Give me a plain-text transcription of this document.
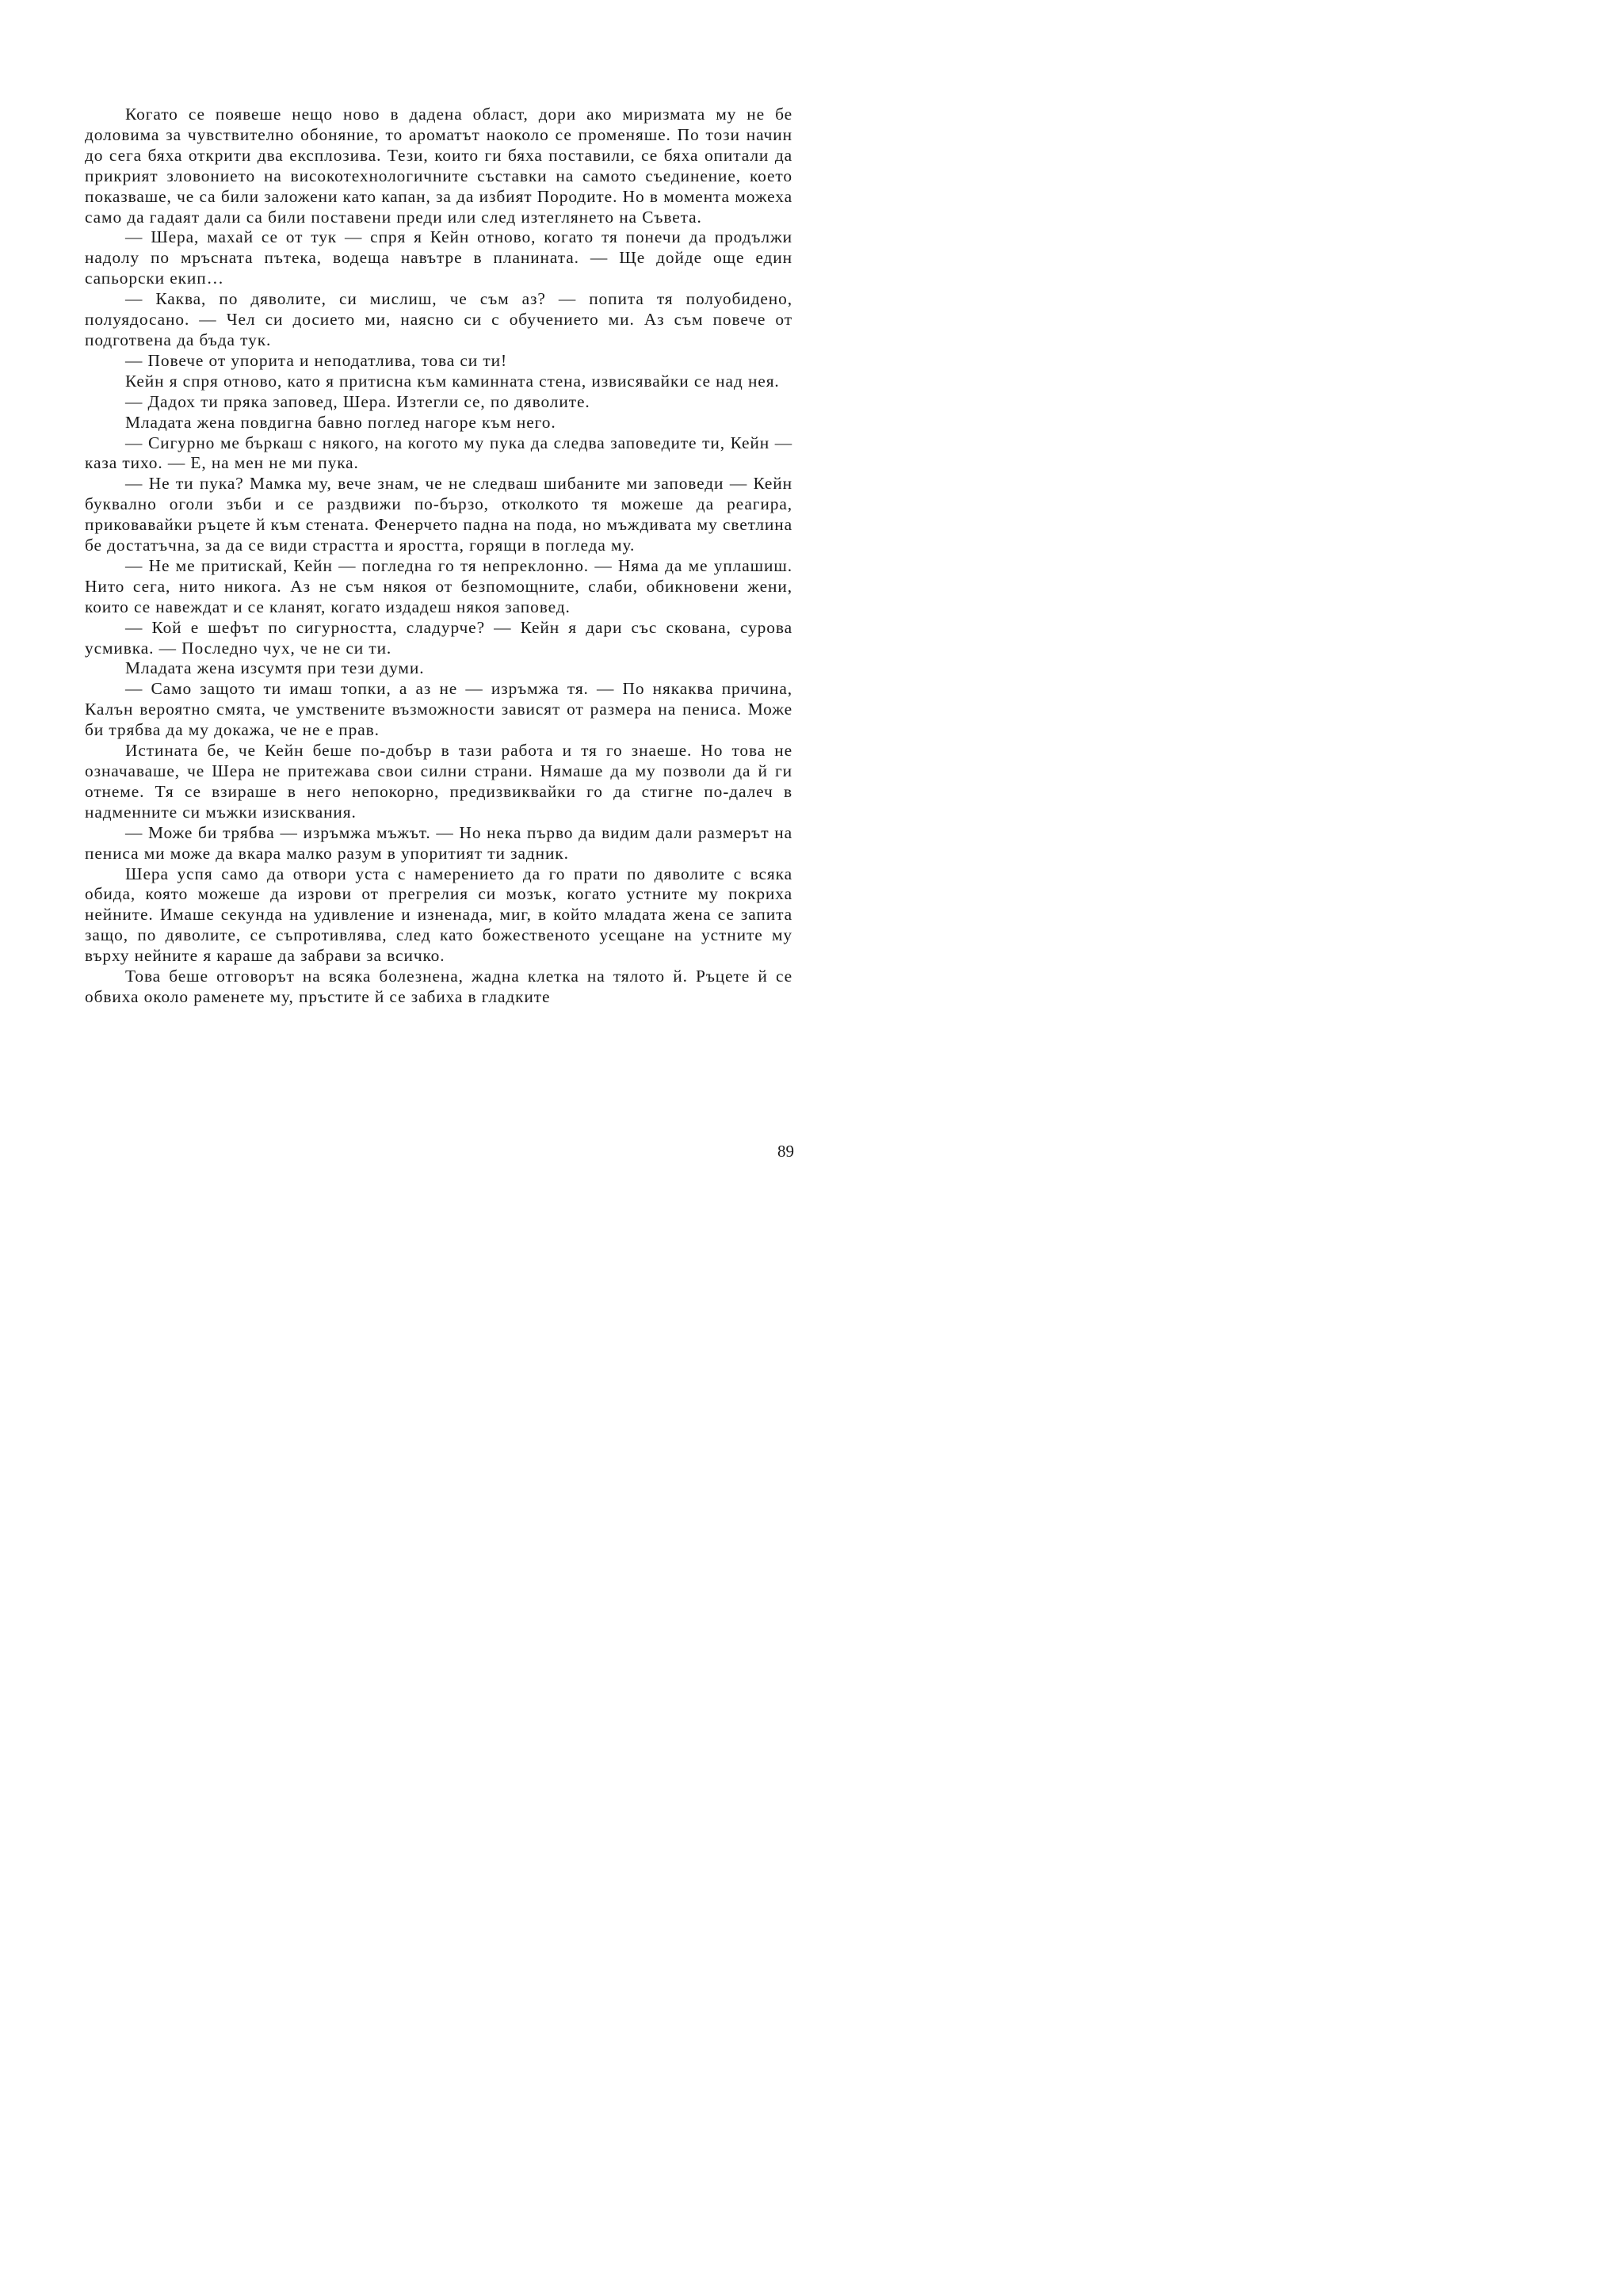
Когато се появеше нещо ново в дадена област, дори ако миризмата му не бе доловима за чувствително обоняние, то ароматът наоколо се променяше. По този начин до сега бяха открити два експлозива. Тези, които ги бяха поставили, се бяха опитали да прикрият зловонието на високотехнологичните съставки на самото съединение, което показваше, че са били заложени като капан, за да избият Породите. Но в момента можеха само да гадаят дали са били поставени преди или след изтеглянето на Съвета.

— Шера, махай се от тук — спря я Кейн отново, когато тя понечи да продължи надолу по мръсната пътека, водеща навътре в планината. — Ще дойде още един сапьорски екип…

— Каква, по дяволите, си мислиш, че съм аз? — попита тя полуобидено, полуядосано. — Чел си досието ми, наясно си с обучението ми. Аз съм повече от подготвена да бъда тук.

— Повече от упорита и неподатлива, това си ти!

Кейн я спря отново, като я притисна към каминната стена, извисявайки се над нея.

— Дадох ти пряка заповед, Шера. Изтегли се, по дяволите.

Младата жена повдигна бавно поглед нагоре към него.

— Сигурно ме бъркаш с някого, на когото му пука да следва заповедите ти, Кейн — каза тихо. — Е, на мен не ми пука.

— Не ти пука? Мамка му, вече знам, че не следваш шибаните ми заповеди — Кейн буквално оголи зъби и се раздвижи по-бързо, отколкото тя можеше да реагира, приковавайки ръцете й към стената. Фенерчето падна на пода, но мъждивата му светлина бе достатъчна, за да се види страстта и яростта, горящи в погледа му.

— Не ме притискай, Кейн — погледна го тя непреклонно. — Няма да ме уплашиш. Нито сега, нито никога. Аз не съм някоя от безпомощните, слаби, обикновени жени, които се навеждат и се кланят, когато издадеш някоя заповед.

— Кой е шефът по сигурността, сладурче? — Кейн я дари със скована, сурова усмивка. — Последно чух, че не си ти.

Младата жена изсумтя при тези думи.

— Само защото ти имаш топки, а аз не — изръмжа тя. — По някаква причина, Калън вероятно смята, че умствените възможности зависят от размера на пениса. Може би трябва да му докажа, че не е прав.

Истината бе, че Кейн беше по-добър в тази работа и тя го знаеше. Но това не означаваше, че Шера не притежава свои силни страни. Нямаше да му позволи да й ги отнеме. Тя се взираше в него непокорно, предизвиквайки го да стигне по-далеч в надменните си мъжки изисквания.

— Може би трябва — изръмжа мъжът. — Но нека първо да видим дали размерът на пениса ми може да вкара малко разум в упоритият ти задник.

Шера успя само да отвори уста с намерението да го прати по дяволите с всяка обида, която можеше да изрови от прегрелия си мозък, когато устните му покриха нейните. Имаше секунда на удивление и изненада, миг, в който младата жена се запита защо, по дяволите, се съпротивлява, след като божественото усещане на устните му върху нейните я караше да забрави за всичко.

Това беше отговорът на всяка болезнена, жадна клетка на тялото й. Ръцете й се обвиха около раменете му, пръстите й се забиха в гладките

89
